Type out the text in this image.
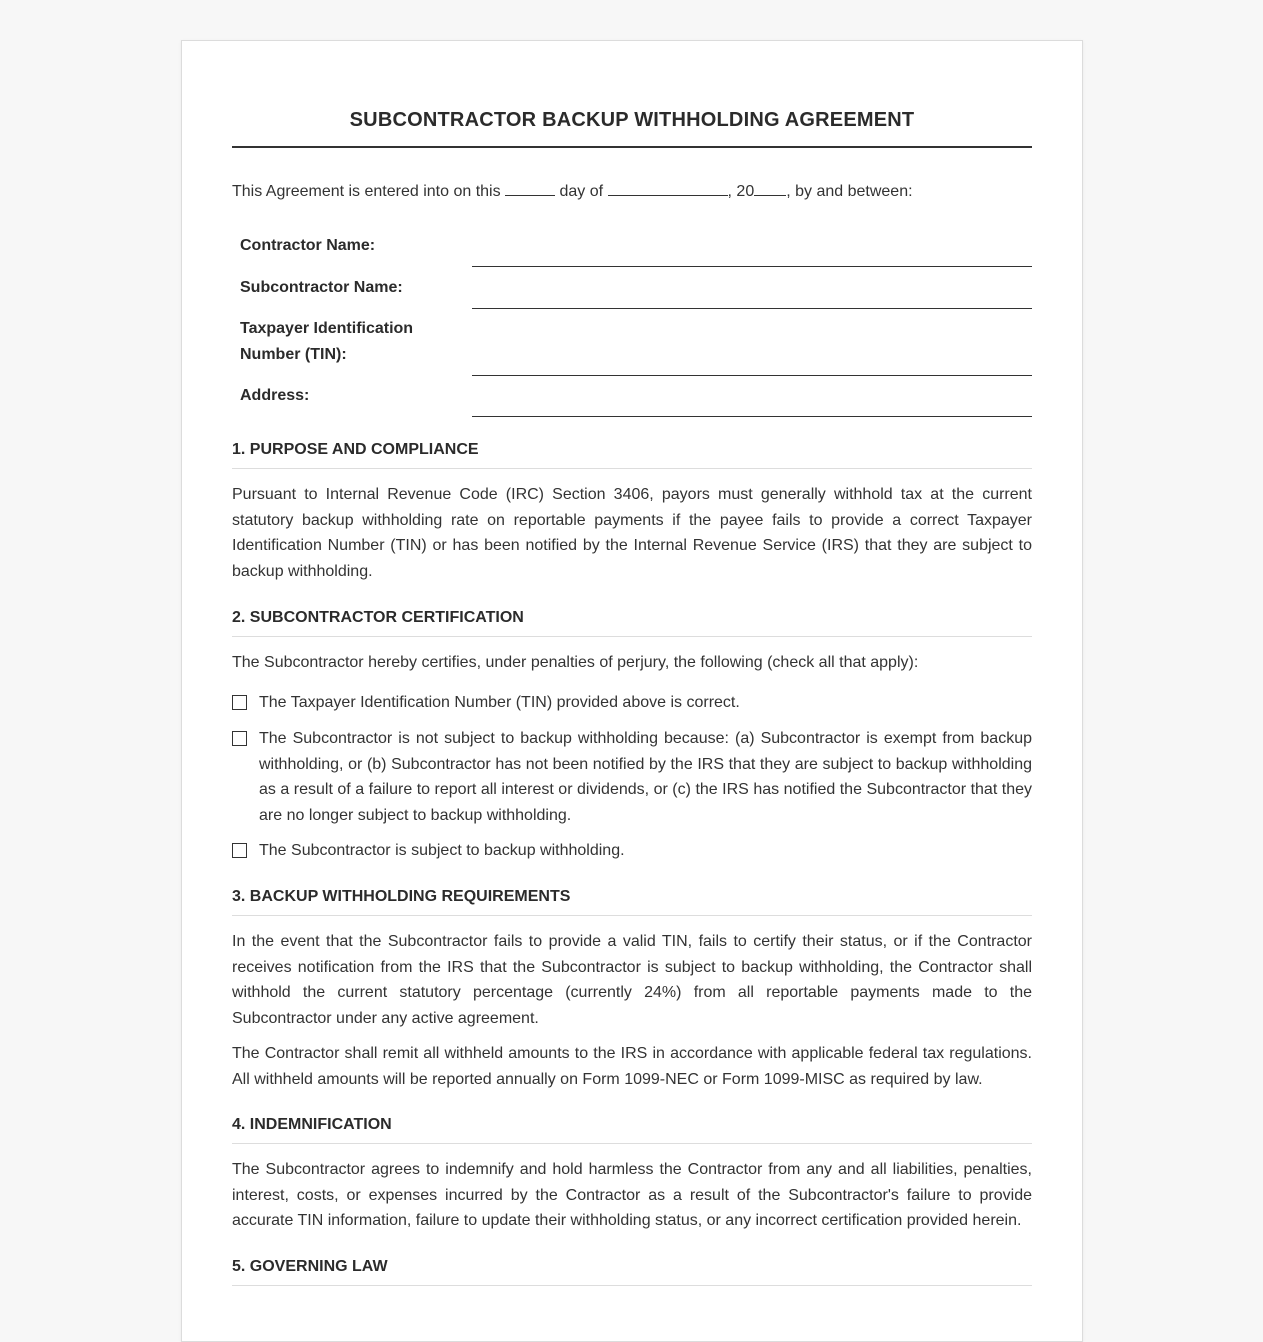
SUBCONTRACTOR BACKUP WITHHOLDING AGREEMENT
This Agreement is entered into on this	day of	, 20 , by and between:
Contractor Name:
Subcontractor Name:
Taxpayer Identification
Number (TIN):
Address:
1. PURPOSE AND COMPLIANCE

Pursuant to Internal Revenue Code (IRC) Section 3406, payors must generally withhold tax at the current statutory backup withholding rate on reportable payments if the payee fails to provide a correct Taxpayer Identification Number (TIN) or has been notified by the Internal Revenue Service (IRS) that they are subject to backup withholding.

2. SUBCONTRACTOR CERTIFICATION

The Subcontractor hereby certifies, under penalties of perjury, the following (check all that apply):

The Taxpayer Identification Number (TIN) provided above is correct.
The Subcontractor is not subject to backup withholding because: (a) Subcontractor is exempt from backup withholding, or (b) Subcontractor has not been notified by the IRS that they are subject to backup withholding as a result of a failure to report all interest or dividends, or (c) the IRS has notified the Subcontractor that they are no longer subject to backup withholding.
The Subcontractor is subject to backup withholding.
3. BACKUP WITHHOLDING REQUIREMENTS

In the event that the Subcontractor fails to provide a valid TIN, fails to certify their status, or if the Contractor receives notification from the IRS that the Subcontractor is subject to backup withholding, the Contractor shall withhold the current statutory percentage (currently 24%) from all reportable payments made to the Subcontractor under any active agreement.

The Contractor shall remit all withheld amounts to the IRS in accordance with applicable federal tax regulations. All withheld amounts will be reported annually on Form 1099-NEC or Form 1099-MISC as required by law.

4. INDEMNIFICATION

The Subcontractor agrees to indemnify and hold harmless the Contractor from any and all liabilities, penalties, interest, costs, or expenses incurred by the Contractor as a result of the Subcontractor's failure to provide accurate TIN information, failure to update their withholding status, or any incorrect certification provided herein.

5. GOVERNING LAW
